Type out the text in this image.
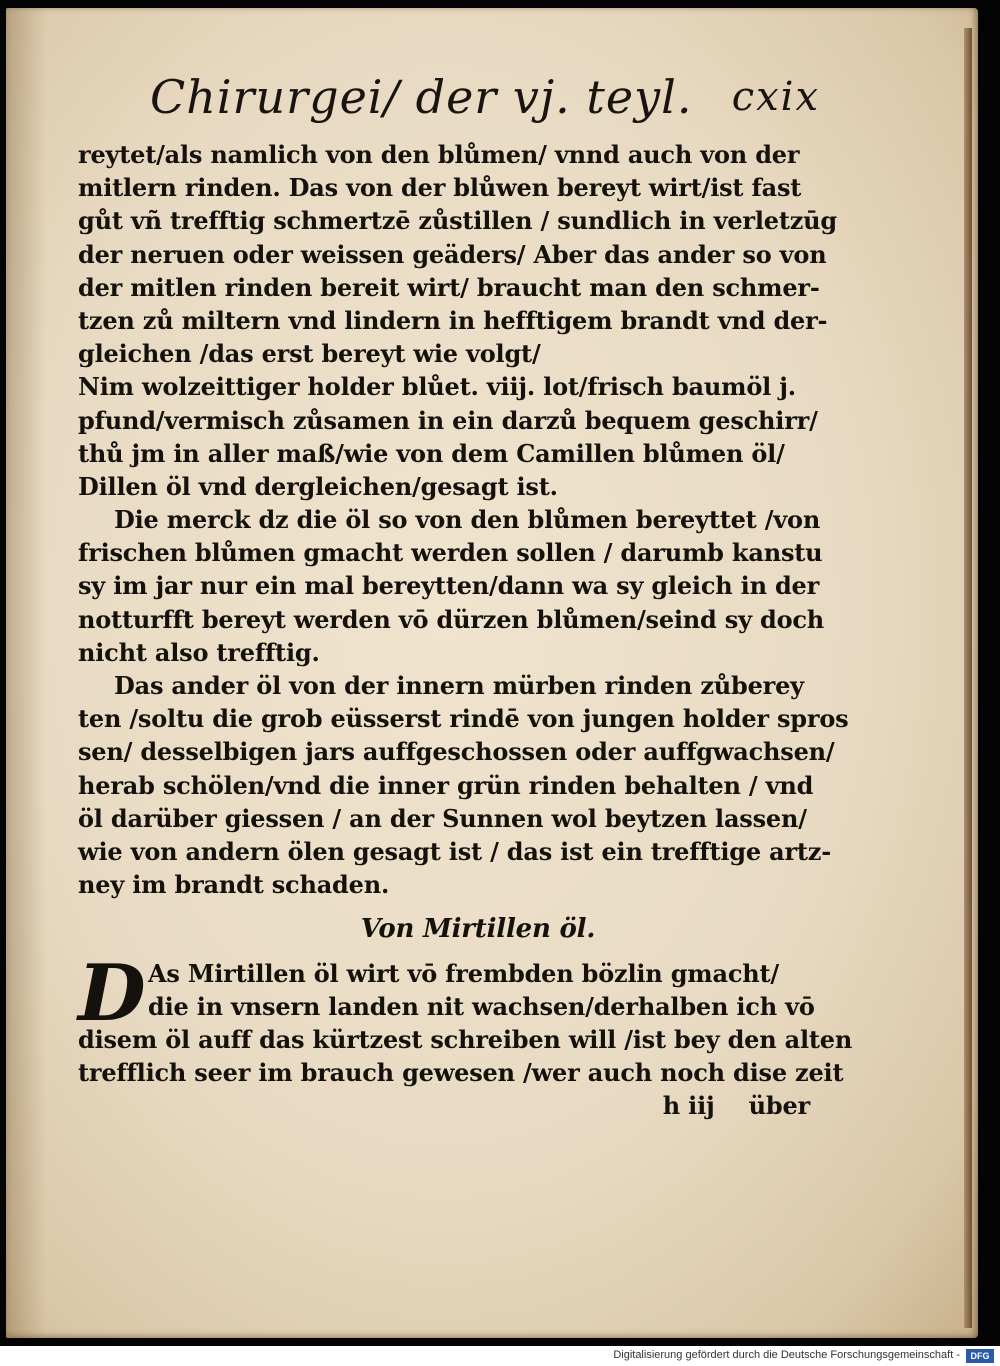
Chirurgei/ der vj. teyl. cxix
reytet/als namlich von den blůmen/ vnnd auch von der
mitlern rinden. Das von der blůwen bereyt wirt/ist fast
gůt vñ trefftig schmertzē zůstillen / sundlich in verletzūg
der neruen oder weissen geäders/ Aber das ander so von
der mitlen rinden bereit wirt/ braucht man den schmer-
tzen zů miltern vnd lindern in hefftigem brandt vnd der-
gleichen /das erst bereyt wie volgt/
Nim wolzeittiger holder blůet. viij. lot/frisch baumöl j.
pfund/vermisch zůsamen in ein darzů bequem geschirr/
thů jm in aller maß/wie von dem Camillen blůmen öl/
Dillen öl vnd dergleichen/gesagt ist.
Die merck dz die öl so von den blůmen bereyttet /von
frischen blůmen gmacht werden sollen / darumb kanstu
sy im jar nur ein mal bereytten/dann wa sy gleich in der
notturfft bereyt werden vō dürzen blůmen/seind sy doch
nicht also trefftig.
Das ander öl von der innern mürben rinden zůberey
ten /soltu die grob eüsserst rindē von jungen holder spros
sen/ desselbigen jars auffgeschossen oder auffgwachsen/
herab schölen/vnd die inner grün rinden behalten / vnd
öl darüber giessen / an der Sunnen wol beytzen lassen/
wie von andern ölen gesagt ist / das ist ein trefftige artz-
ney im brandt schaden.
Von Mirtillen öl.
D As Mirtillen öl wirt vō frembden bözlin gmacht/
die in vnsern landen nit wachsen/derhalben ich vō
disem öl auff das kürtzest schreiben will /ist bey den alten
trefflich seer im brauch gewesen /wer auch noch dise zeit
h iij über
Digitalisierung gefördert durch die Deutsche Forschungsgemeinschaft -	DFG
